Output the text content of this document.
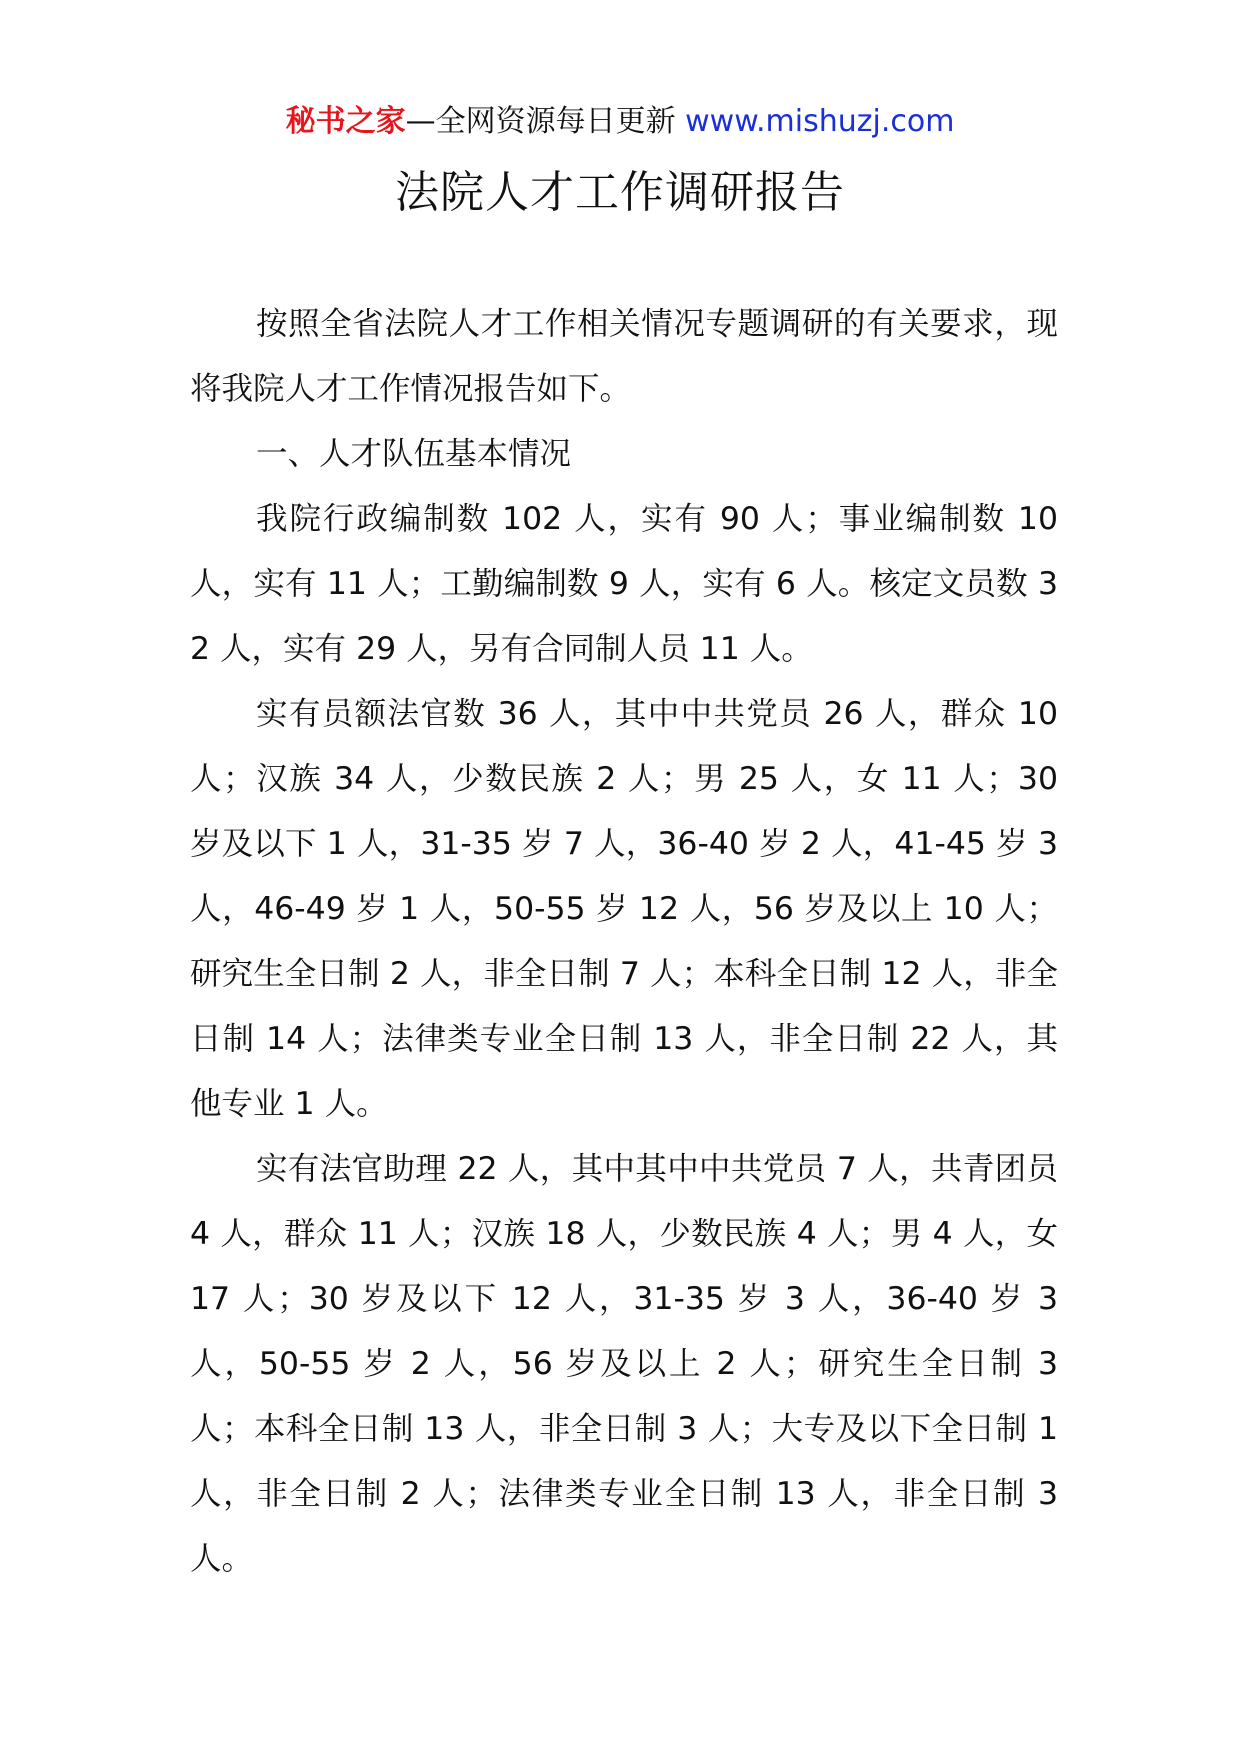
秘书之家—全网资源每日更新 www.mishuzj.com
法院人才工作调研报告

按照全省法院人才工作相关情况专题调研的有关要求，现将我院人才工作情况报告如下。

一、人才队伍基本情况

我院行政编制数 102 人，实有 90 人；事业编制数 10 人，实有 11 人；工勤编制数 9 人，实有 6 人。核定文员数 32 人，实有 29 人，另有合同制人员 11 人。

实有员额法官数 36 人，其中中共党员 26 人，群众 10 人；汉族 34 人，少数民族 2 人；男 25 人，女 11 人；30 岁及以下 1 人，31-35 岁 7 人，36-40 岁 2 人，41-45 岁 3 人，46-49 岁 1 人，50-55 岁 12 人，56 岁及以上 10 人；研究生全日制 2 人，非全日制 7 人；本科全日制 12 人，非全日制 14 人；法律类专业全日制 13 人，非全日制 22 人，其他专业 1 人。

实有法官助理 22 人，其中其中中共党员 7 人，共青团员 4 人，群众 11 人；汉族 18 人，少数民族 4 人；男 4 人，女 17 人；30 岁及以下 12 人，31-35 岁 3 人，36-40 岁 3 人，50-55 岁 2 人，56 岁及以上 2 人；研究生全日制 3 人；本科全日制 13 人，非全日制 3 人；大专及以下全日制 1 人，非全日制 2 人；法律类专业全日制 13 人，非全日制 3 人。
